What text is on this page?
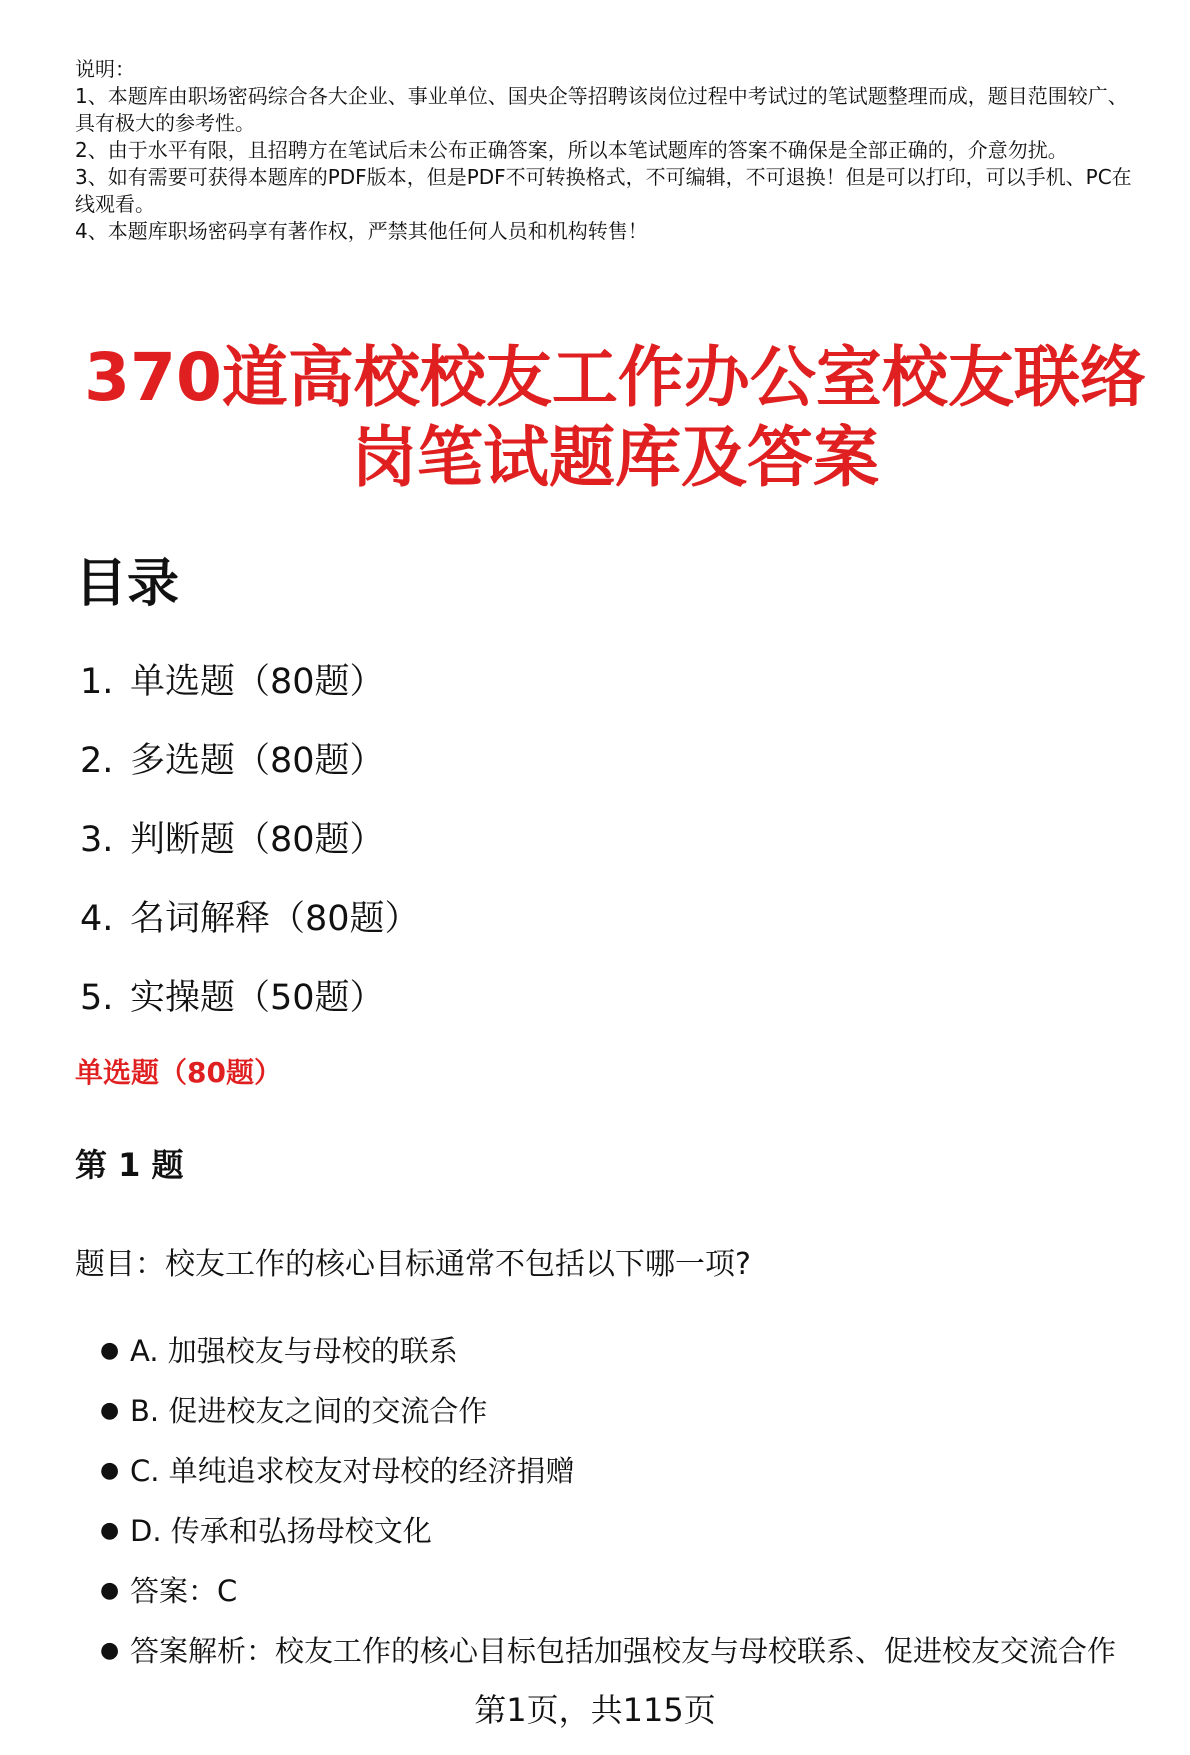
说明：
1、本题库由职场密码综合各大企业、事业单位、国央企等招聘该岗位过程中考试过的笔试题整理而成，题目范围较广、具有极大的参考性。
2、由于水平有限，且招聘方在笔试后未公布正确答案，所以本笔试题库的答案不确保是全部正确的，介意勿扰。
3、如有需要可获得本题库的PDF版本，但是PDF不可转换格式，不可编辑，不可退换！但是可以打印，可以手机、PC在线观看。
4、本题库职场密码享有著作权，严禁其他任何人员和机构转售！
370道高校校友工作办公室校友联络
岗笔试题库及答案
目录
1. 单选题（80题）
2. 多选题（80题）
3. 判断题（80题）
4. 名词解释（80题）
5. 实操题（50题）
单选题（80题）
第 1 题
题目：校友工作的核心目标通常不包括以下哪一项?
● A. 加强校友与母校的联系
● B. 促进校友之间的交流合作
● C. 单纯追求校友对母校的经济捐赠
● D. 传承和弘扬母校文化
● 答案：C
● 答案解析：校友工作的核心目标包括加强校友与母校联系、促进校友交流合作
第1页，共115页
